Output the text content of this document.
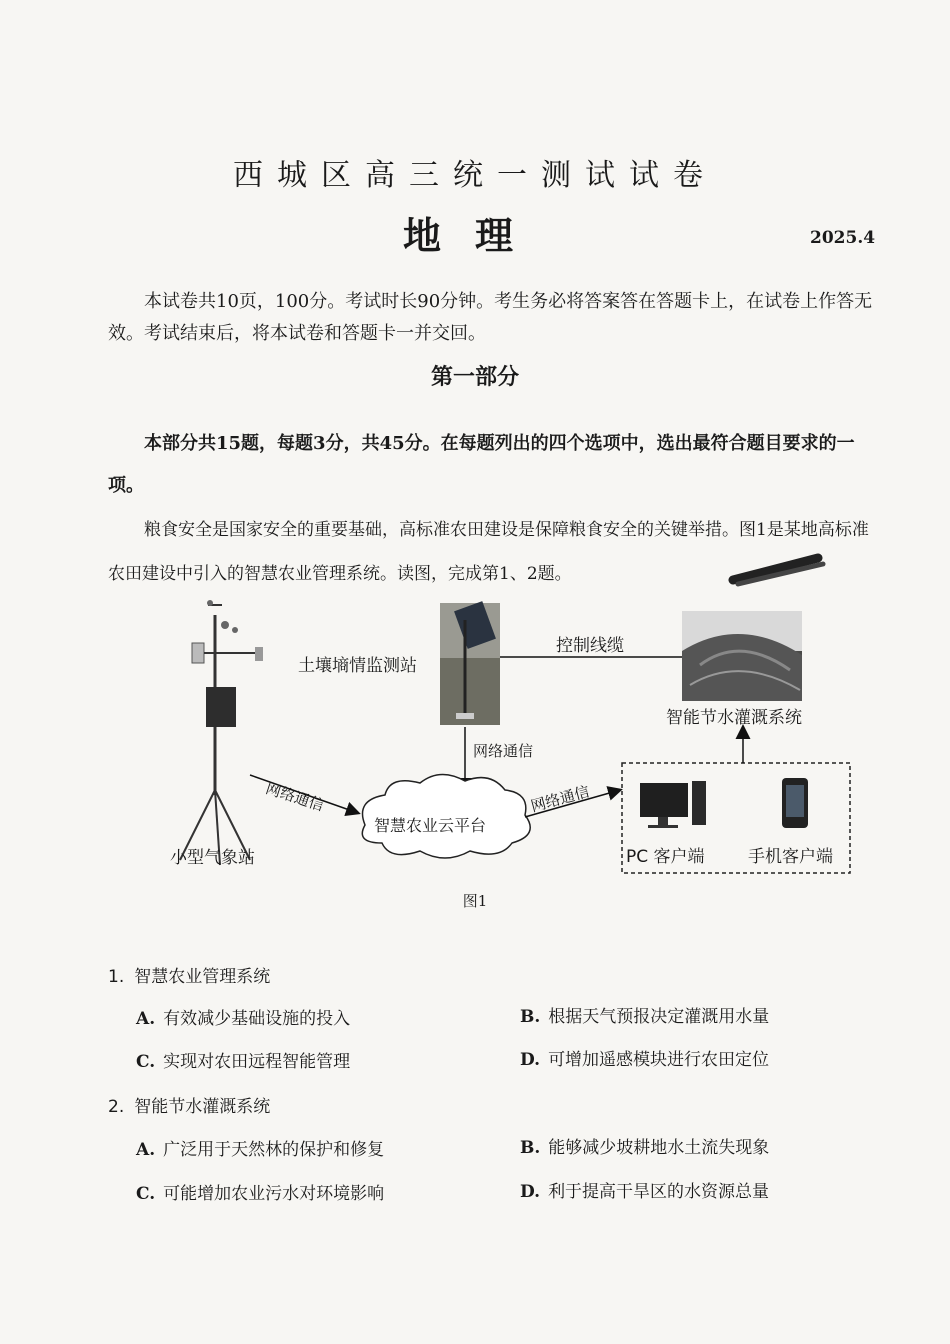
西城区高三统一测试试卷
地理	2025.4
本试卷共10页，100分。考试时长90分钟。考生务必将答案答在答题卡上，在试卷上作答无效。考试结束后，将本试卷和答题卡一并交回。
第一部分
本部分共15题，每题3分，共45分。在每题列出的四个选项中，选出最符合题目要求的一项。
粮食安全是国家安全的重要基础，高标准农田建设是保障粮食安全的关键举措。图1是某地高标准农田建设中引入的智慧农业管理系统。读图，完成第1、2题。
土壤墒情监测站
控制线缆
智能节水灌溉系统
网络通信
网络通信	网络通信
智慧农业云平台
小型气象站	PC 客户端	手机客户端
图1
1. 智慧农业管理系统
A. 有效减少基础设施的投入	B. 根据天气预报决定灌溉用水量
C. 实现对农田远程智能管理	D. 可增加遥感模块进行农田定位
2. 智能节水灌溉系统
A. 广泛用于天然林的保护和修复	B. 能够减少坡耕地水土流失现象
C. 可能增加农业污水对环境影响	D. 利于提高干旱区的水资源总量
